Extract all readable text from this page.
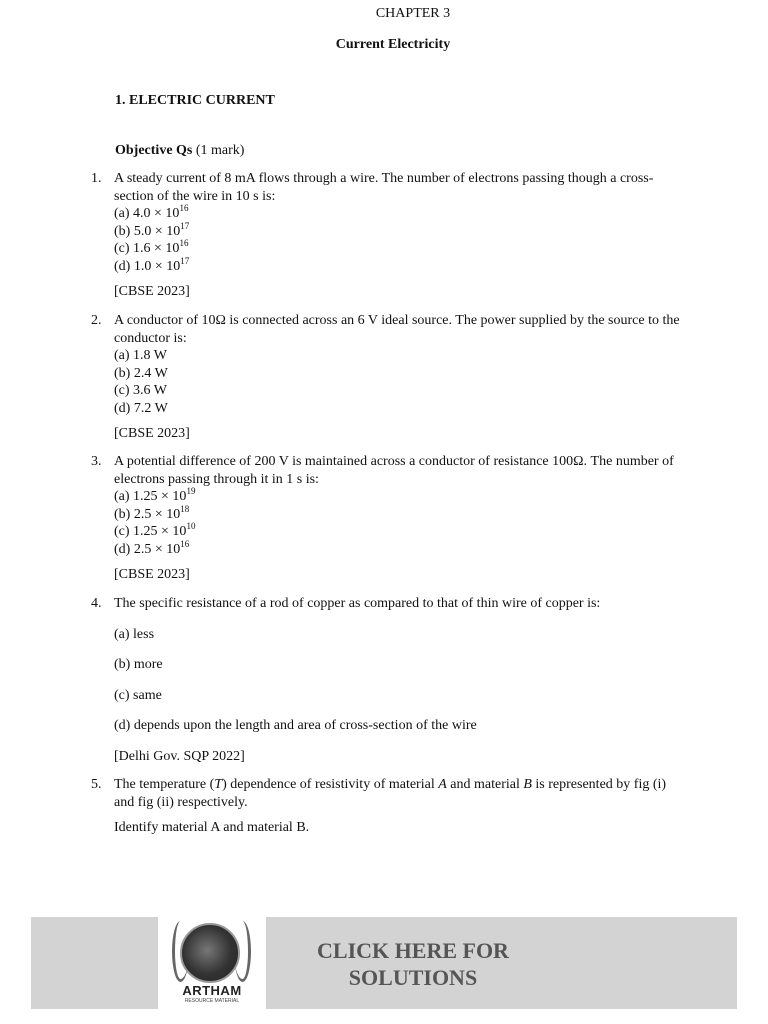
CHAPTER 3
Current Electricity
1. ELECTRIC CURRENT
Objective Qs (1 mark)
1. A steady current of 8 mA flows through a wire. The number of electrons passing though a cross-section of the wire in 10 s is:
(a) $4.0 \times 10^{16}$
(b) $5.0 \times 10^{17}$
(c) $1.6 \times 10^{16}$
(d) $1.0 \times 10^{17}$
[CBSE 2023]
2. A conductor of 10Ω is connected across an 6 V ideal source. The power supplied by the source to the conductor is:
(a) 1.8 W
(b) 2.4 W
(c) 3.6 W
(d) 7.2 W
[CBSE 2023]
3. A potential difference of 200 V is maintained across a conductor of resistance 100Ω. The number of electrons passing through it in 1 s is:
(a) $1.25 \times 10^{19}$
(b) $2.5 \times 10^{18}$
(c) $1.25 \times 10^{10}$
(d) $2.5 \times 10^{16}$
[CBSE 2023]
4. The specific resistance of a rod of copper as compared to that of thin wire of copper is:
(a) less
(b) more
(c) same
(d) depends upon the length and area of cross-section of the wire
[Delhi Gov. SQP 2022]
5. The temperature (T) dependence of resistivity of material A and material B is represented by fig (i) and fig (ii) respectively.
Identify material A and material B.
ARTHAM
RESOURCE MATERIAL
CLICK HERE FOR
SOLUTIONS
